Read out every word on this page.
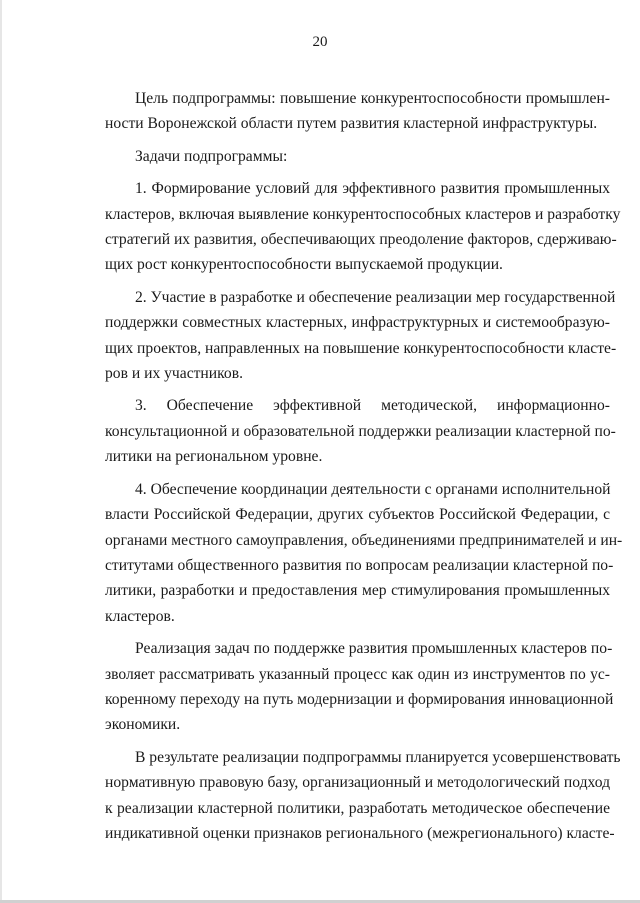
20
Цель подпрограммы: повышение конкурентоспособности промышлен-
ности Воронежской области путем развития кластерной инфраструктуры.
Задачи подпрограммы:
1. Формирование условий для эффективного развития промышленных
кластеров, включая выявление конкурентоспособных кластеров и разработку
стратегий их развития, обеспечивающих преодоление факторов, сдерживаю-
щих рост конкурентоспособности выпускаемой продукции.
2. Участие в разработке и обеспечение реализации мер государственной
поддержки совместных кластерных, инфраструктурных и системообразую-
щих проектов, направленных на повышение конкурентоспособности класте-
ров и их участников.
3. Обеспечение эффективной методической, информационно-
консультационной и образовательной поддержки реализации кластерной по-
литики на региональном уровне.
4. Обеспечение координации деятельности с органами исполнительной
власти Российской Федерации, других субъектов Российской Федерации, с
органами местного самоуправления, объединениями предпринимателей и ин-
ститутами общественного развития по вопросам реализации кластерной по-
литики, разработки и предоставления мер стимулирования промышленных
кластеров.
Реализация задач по поддержке развития промышленных кластеров по-
зволяет рассматривать указанный процесс как один из инструментов по ус-
коренному переходу на путь модернизации и формирования инновационной
экономики.
В результате реализации подпрограммы планируется усовершенствовать
нормативную правовую базу, организационный и методологический подход
к реализации кластерной политики, разработать методическое обеспечение
индикативной оценки признаков регионального (межрегионального) класте-
